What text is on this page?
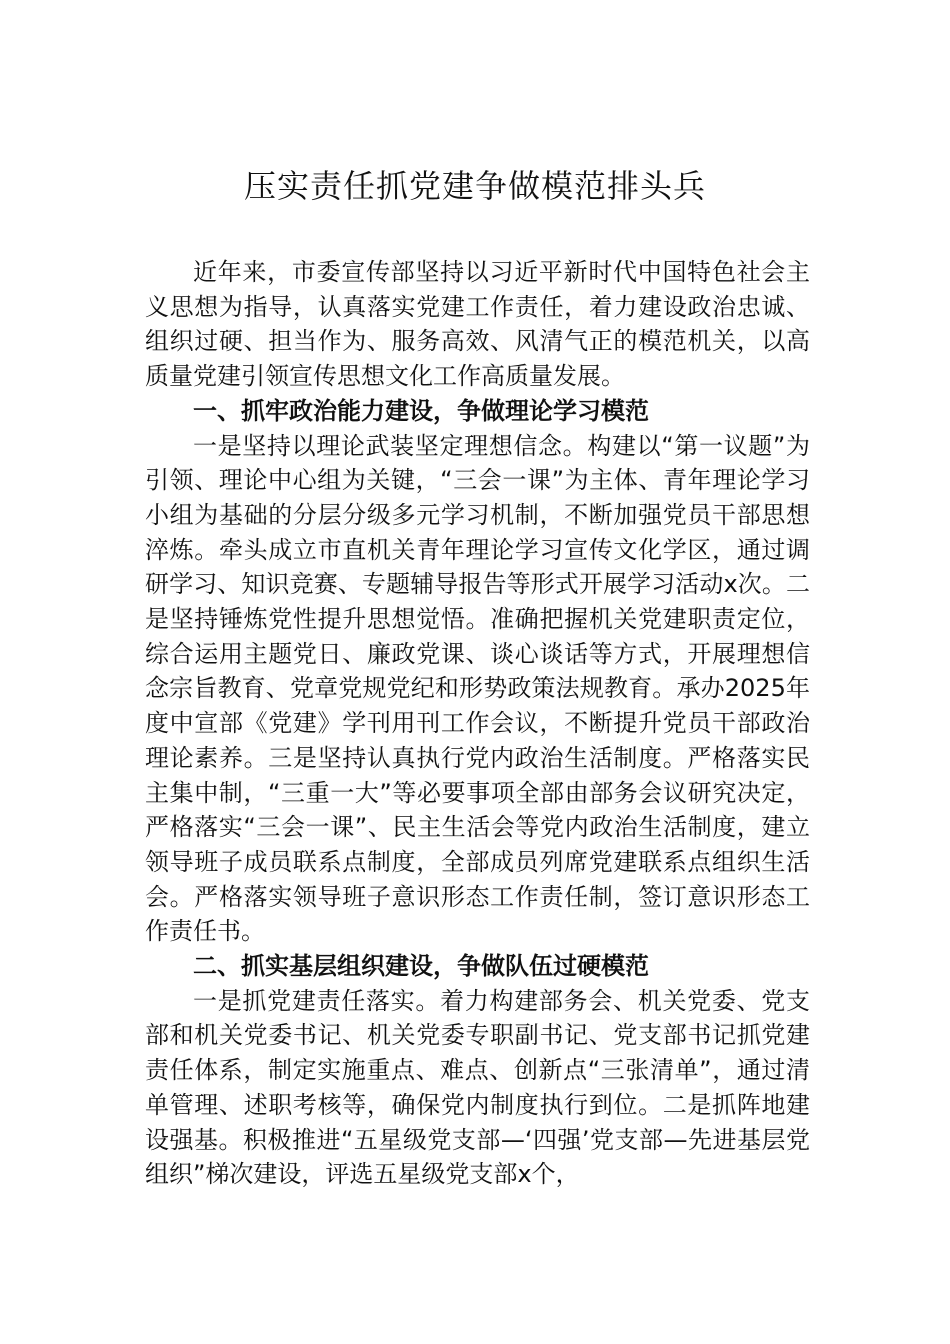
压实责任抓党建争做模范排头兵

近年来，市委宣传部坚持以习近平新时代中国特色社会主义思想为指导，认真落实党建工作责任，着力建设政治忠诚、组织过硬、担当作为、服务高效、风清气正的模范机关，以高质量党建引领宣传思想文化工作高质量发展。

一、抓牢政治能力建设，争做理论学习模范

一是坚持以理论武装坚定理想信念。构建以“第一议题”为引领、理论中心组为关键，“三会一课”为主体、青年理论学习小组为基础的分层分级多元学习机制，不断加强党员干部思想淬炼。牵头成立市直机关青年理论学习宣传文化学区，通过调研学习、知识竞赛、专题辅导报告等形式开展学习活动x次。二是坚持锤炼党性提升思想觉悟。准确把握机关党建职责定位，综合运用主题党日、廉政党课、谈心谈话等方式，开展理想信念宗旨教育、党章党规党纪和形势政策法规教育。承办2025年度中宣部《党建》学刊用刊工作会议，不断提升党员干部政治理论素养。三是坚持认真执行党内政治生活制度。严格落实民主集中制，“三重一大”等必要事项全部由部务会议研究决定，严格落实“三会一课”、民主生活会等党内政治生活制度，建立领导班子成员联系点制度，全部成员列席党建联系点组织生活会。严格落实领导班子意识形态工作责任制，签订意识形态工作责任书。

二、抓实基层组织建设，争做队伍过硬模范

一是抓党建责任落实。着力构建部务会、机关党委、党支部和机关党委书记、机关党委专职副书记、党支部书记抓党建责任体系，制定实施重点、难点、创新点“三张清单”，通过清单管理、述职考核等，确保党内制度执行到位。二是抓阵地建设强基。积极推进“五星级党支部—‘四强’党支部—先进基层党组织”梯次建设，评选五星级党支部x个，
